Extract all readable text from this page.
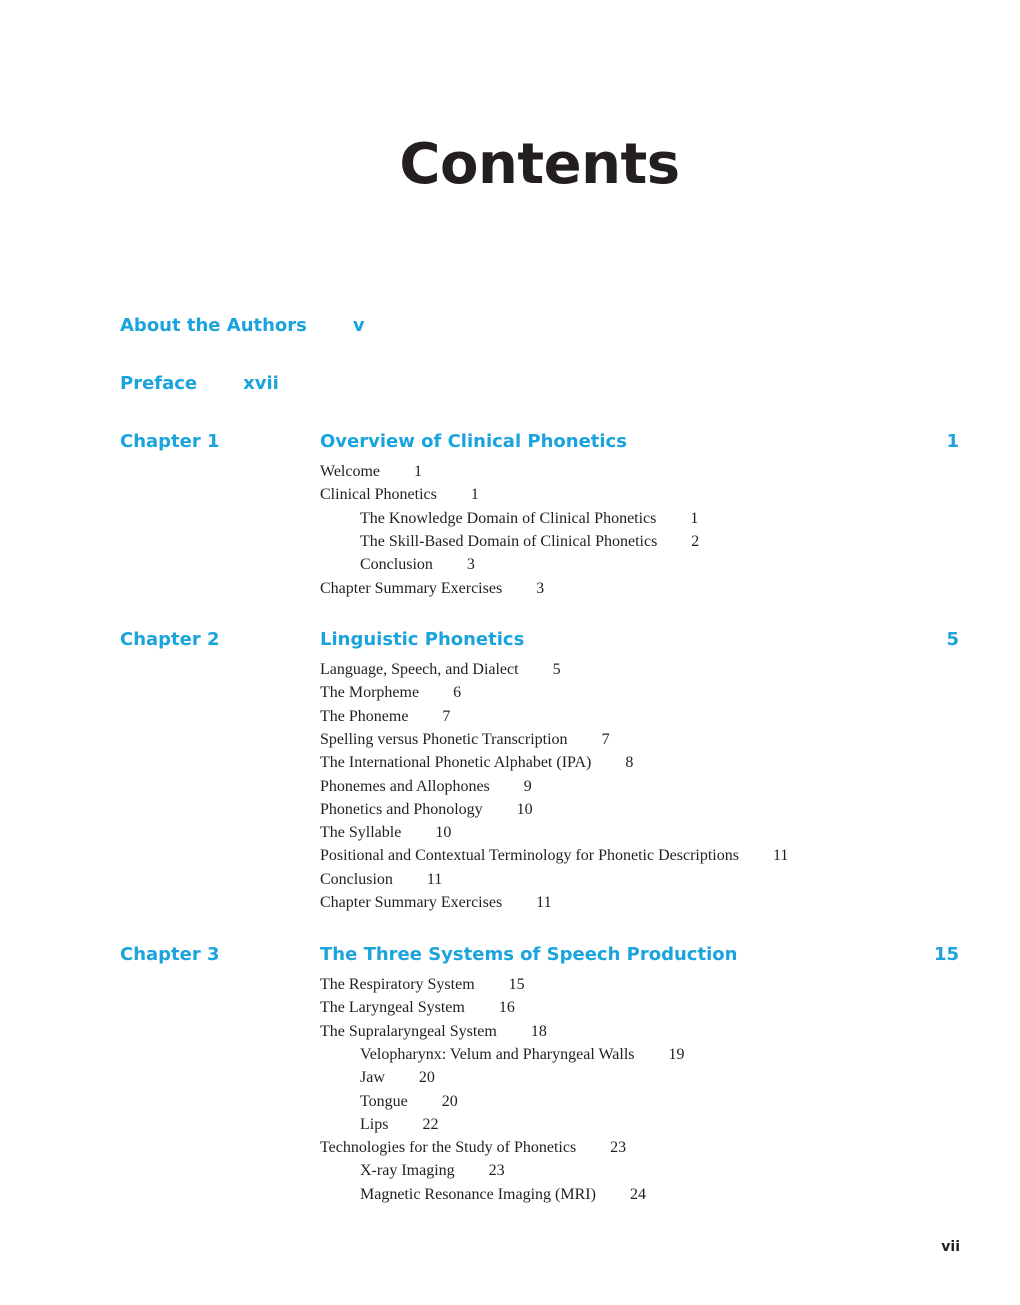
Contents
About the Authors	v
Preface	xvii
Chapter 1	Overview of Clinical Phonetics	1
Welcome 1
Clinical Phonetics 1
The Knowledge Domain of Clinical Phonetics 1
The Skill-Based Domain of Clinical Phonetics 2
Conclusion 3
Chapter Summary Exercises 3
Chapter 2	Linguistic Phonetics	5
Language, Speech, and Dialect 5
The Morpheme 6
The Phoneme 7
Spelling versus Phonetic Transcription 7
The International Phonetic Alphabet (IPA) 8
Phonemes and Allophones 9
Phonetics and Phonology 10
The Syllable 10
Positional and Contextual Terminology for Phonetic Descriptions 11
Conclusion 11
Chapter Summary Exercises 11
Chapter 3	The Three Systems of Speech Production	15
The Respiratory System 15
The Laryngeal System 16
The Supralaryngeal System 18
Velopharynx: Velum and Pharyngeal Walls 19
Jaw 20
Tongue 20
Lips 22
Technologies for the Study of Phonetics 23
X-ray Imaging 23
Magnetic Resonance Imaging (MRI) 24
vii
